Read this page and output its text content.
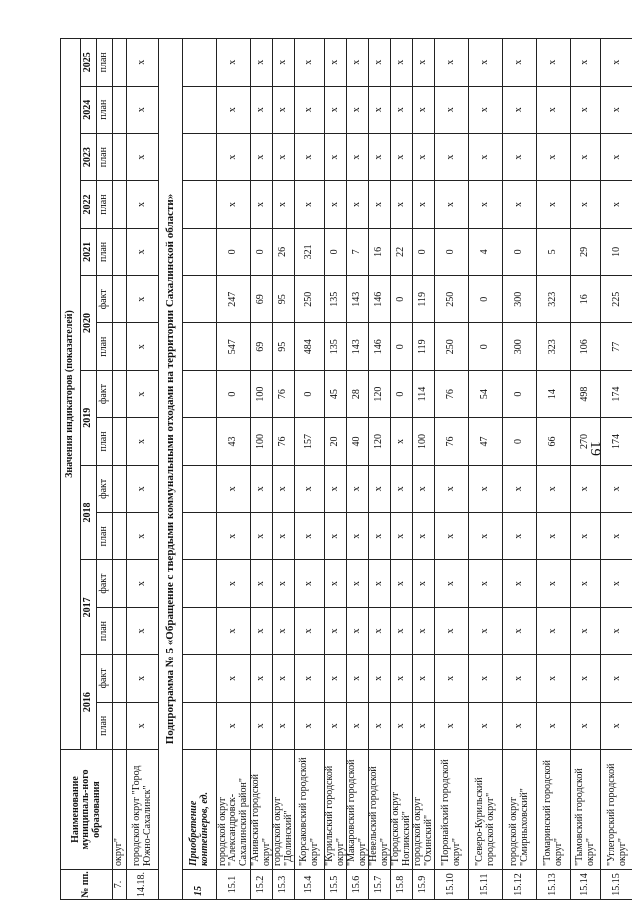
19
№ пп.	Наименование муниципаль-ного образования	Значения индикаторов (показателей)														
		2016		2017		2018		2019		2020		2021	2022	2023	2024	2025
		план	факт	план	факт	план	факт	план	факт	план	факт	план	план	план	план	план
7.	округ"															
14.18.	городской округ "Город Южно-Сахалинск"	х	х	х	х	х	х	х	х	х	х	х	х	х	х	х
Подпрограмма № 5 «Обращение с твердыми коммунальными отходами на территории Сахалинской области»																
15	Приобретение контейнеров, ед.															
15.1	городской округ "Александровск-Сахалинский район"	х	х	х	х	х	х	43	0	547	247	0	х	х	х	х
15.2	"Анивский городской округ"	х	х	х	х	х	х	100	100	69	69	0	х	х	х	х
15.3	городской округ "Долинский"	х	х	х	х	х	х	76	76	95	95	26	х	х	х	х
15.4	"Корсаковский городской округ"	х	х	х	х	х	х	157	0	484	250	321	х	х	х	х
15.5	"Курильский городской округ"	х	х	х	х	х	х	20	45	135	135	0	х	х	х	х
15.6	"Макаровский городской округ"	х	х	х	х	х	х	40	28	143	143	7	х	х	х	х
15.7	"Невельский городской округ"	х	х	х	х	х	х	120	120	146	146	16	х	х	х	х
15.8	"Городской округ Ногликский"	х	х	х	х	х	х	х	0	0	0	22	х	х	х	х
15.9	городской округ "Охинский"	х	х	х	х	х	х	100	114	119	119	0	х	х	х	х
15.10	"Поронайский городской округ"	х	х	х	х	х	х	76	76	250	250	0	х	х	х	х
15.11	"Северо-Курильский городской округ"	х	х	х	х	х	х	47	54	0	0	4	х	х	х	х
15.12	городской округ "Смирныховский"	х	х	х	х	х	х	0	0	300	300	0	х	х	х	х
15.13	"Томаринский городской округ"	х	х	х	х	х	х	66	14	323	323	5	х	х	х	х
15.14	"Тымовский городской округ"	х	х	х	х	х	х	270	498	106	16	29	х	х	х	х
15.15	"Углегорский городской округ"	х	х	х	х	х	х	174	174	77	225	10	х	х	х	х
